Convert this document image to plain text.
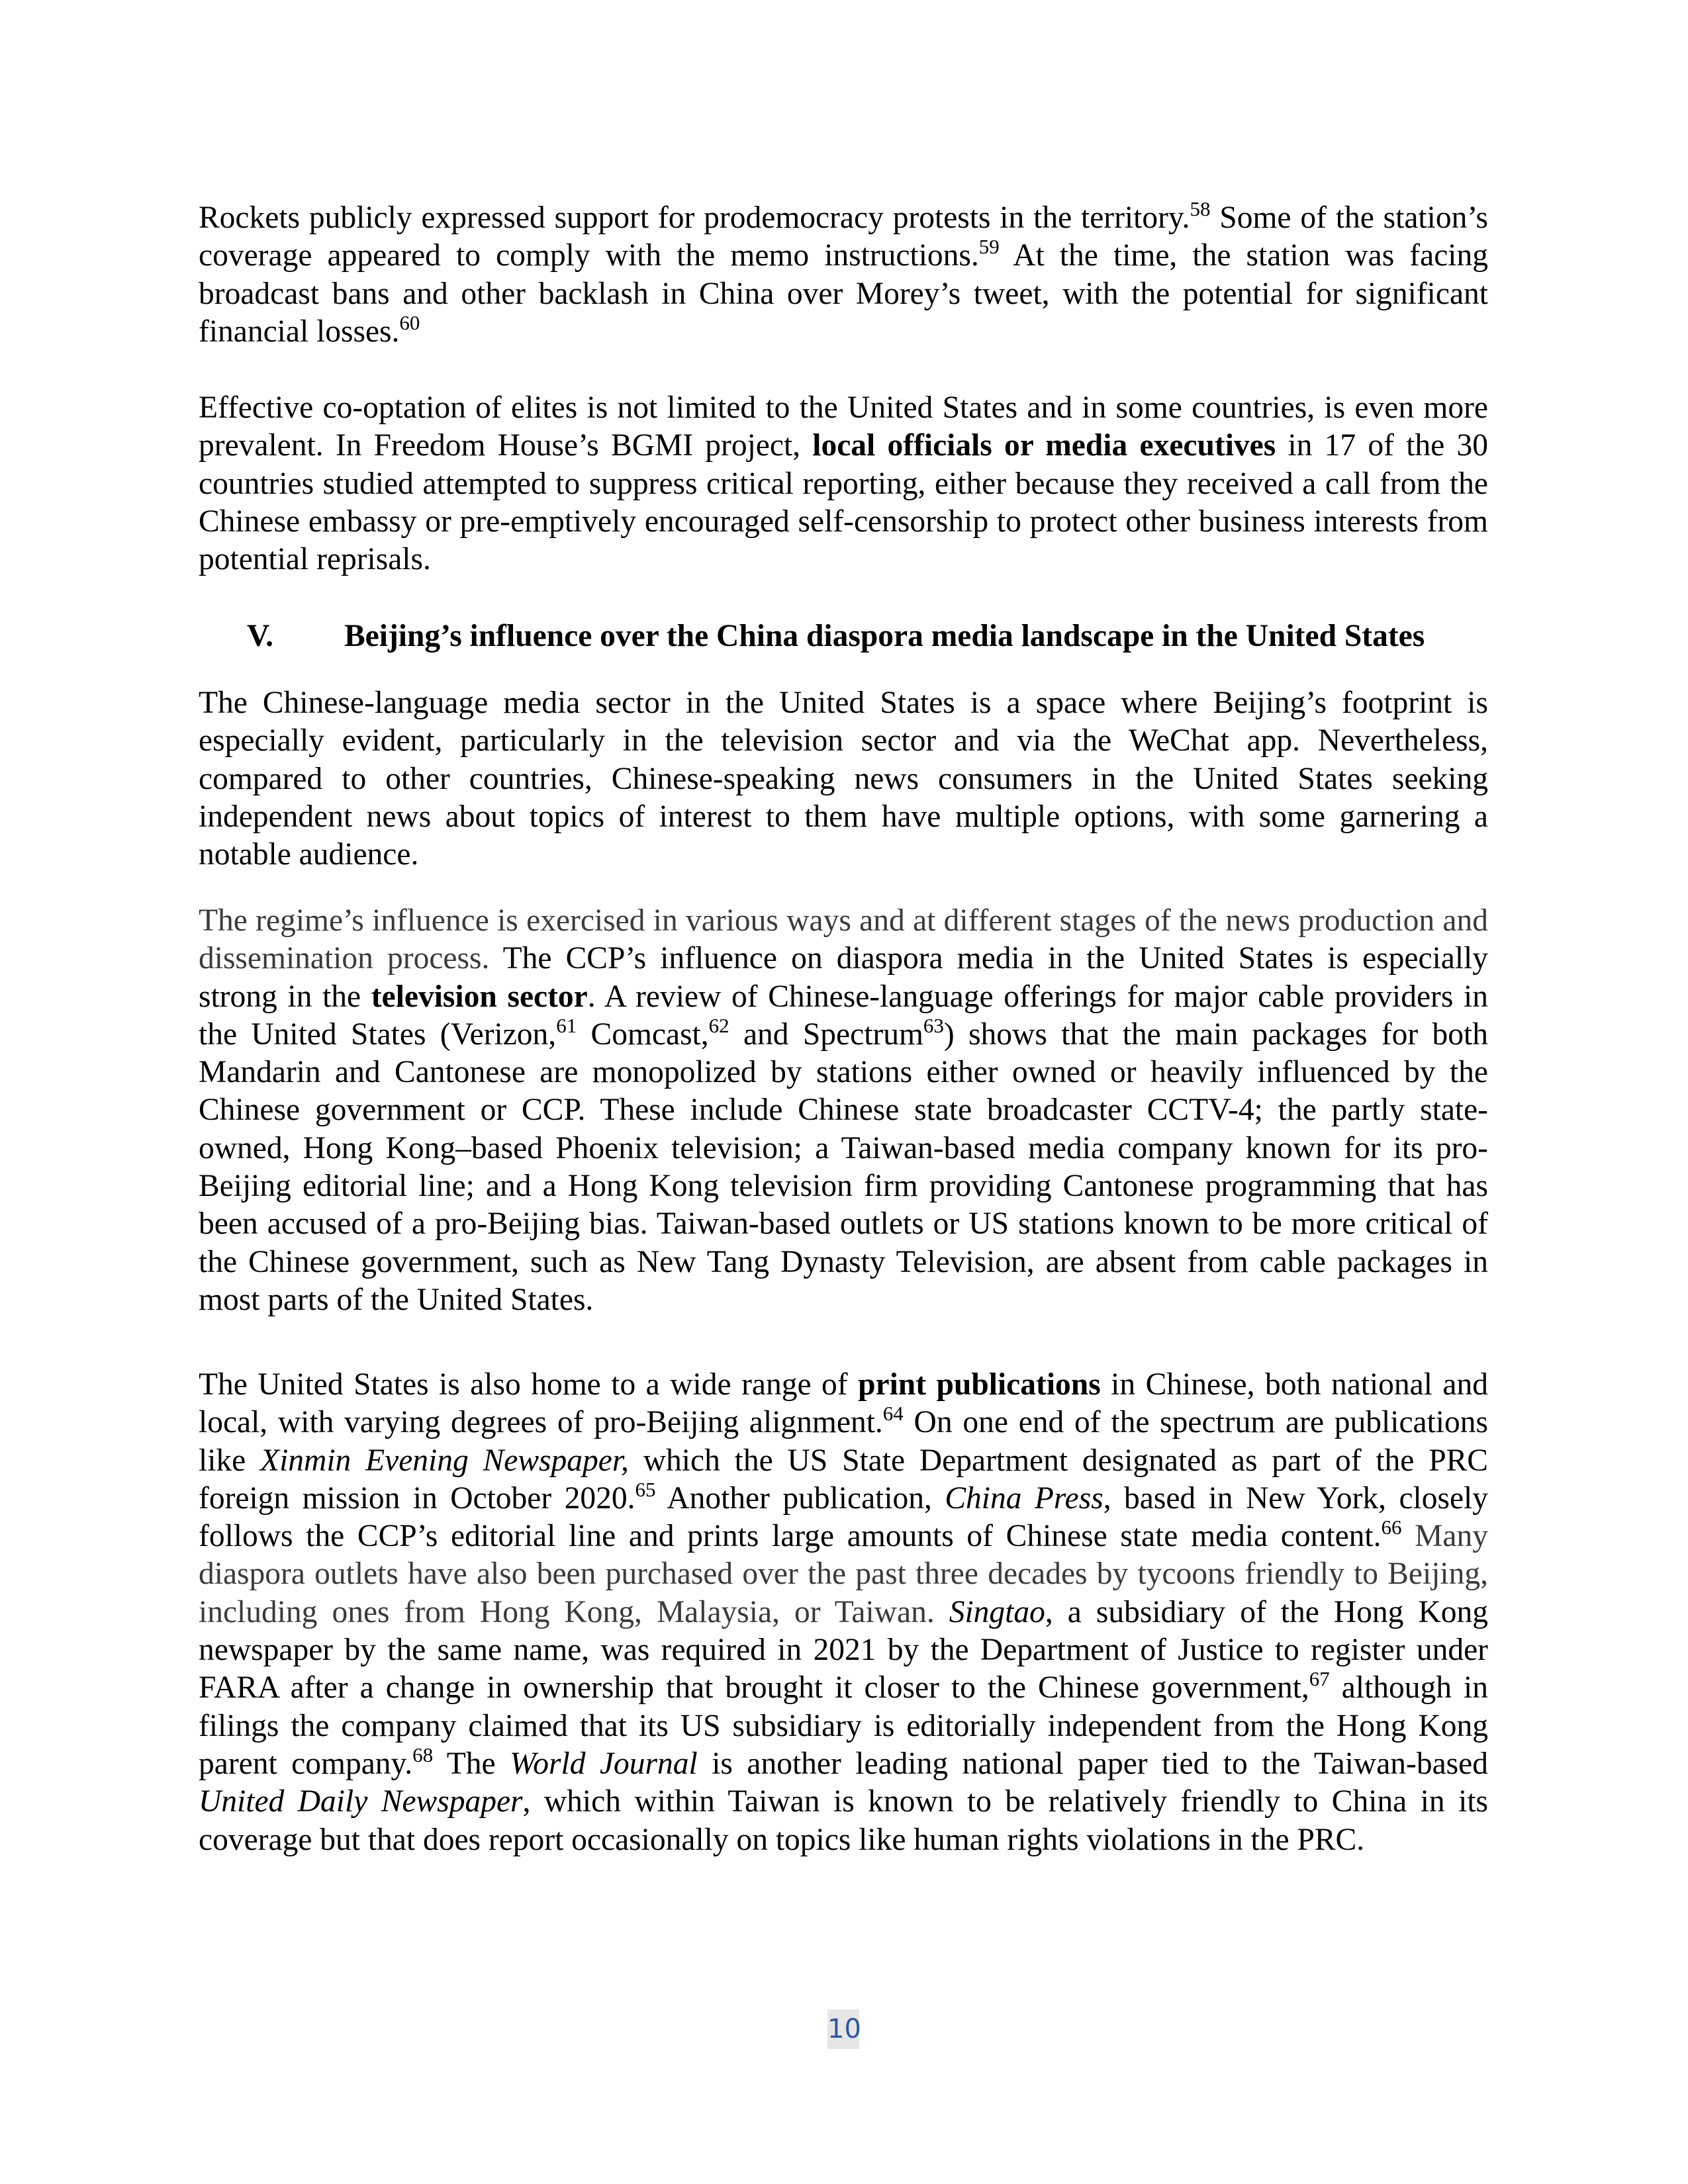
Rockets publicly expressed support for prodemocracy protests in the territory.$^{58}$ Some of the station’s coverage appeared to comply with the memo instructions.$^{59}$ At the time, the station was facing broadcast bans and other backlash in China over Morey’s tweet, with the potential for significant financial losses.$^{60}$

Effective co-optation of elites is not limited to the United States and in some countries, is even more prevalent. In Freedom House’s BGMI project, local officials or media executives in 17 of the 30 countries studied attempted to suppress critical reporting, either because they received a call from the Chinese embassy or pre-emptively encouraged self-censorship to protect other business interests from potential reprisals.

V. Beijing’s influence over the China diaspora media landscape in the United States

The Chinese-language media sector in the United States is a space where Beijing’s footprint is especially evident, particularly in the television sector and via the WeChat app. Nevertheless, compared to other countries, Chinese-speaking news consumers in the United States seeking independent news about topics of interest to them have multiple options, with some garnering a notable audience.

The regime’s influence is exercised in various ways and at different stages of the news production and dissemination process. The CCP’s influence on diaspora media in the United States is especially strong in the television sector. A review of Chinese-language offerings for major cable providers in the United States (Verizon,$^{61}$ Comcast,$^{62}$ and Spectrum$^{63}$) shows that the main packages for both Mandarin and Cantonese are monopolized by stations either owned or heavily influenced by the Chinese government or CCP. These include Chinese state broadcaster CCTV-4; the partly state-owned, Hong Kong–based Phoenix television; a Taiwan-based media company known for its pro-Beijing editorial line; and a Hong Kong television firm providing Cantonese programming that has been accused of a pro-Beijing bias. Taiwan-based outlets or US stations known to be more critical of the Chinese government, such as New Tang Dynasty Television, are absent from cable packages in most parts of the United States.

The United States is also home to a wide range of print publications in Chinese, both national and local, with varying degrees of pro-Beijing alignment.$^{64}$ On one end of the spectrum are publications like Xinmin Evening Newspaper, which the US State Department designated as part of the PRC foreign mission in October 2020.65 Another publication, China Press, based in New York, closely follows the CCP’s editorial line and prints large amounts of Chinese state media content.$^{66}$ Many diaspora outlets have also been purchased over the past three decades by tycoons friendly to Beijing, including ones from Hong Kong, Malaysia, or Taiwan. Singtao, a subsidiary of the Hong Kong newspaper by the same name, was required in 2021 by the Department of Justice to register under FARA after a change in ownership that brought it closer to the Chinese government,$^{67}$ although in filings the company claimed that its US subsidiary is editorially independent from the Hong Kong parent company.$^{68}$ The World Journal is another leading national paper tied to the Taiwan-based United Daily Newspaper, which within Taiwan is known to be relatively friendly to China in its coverage but that does report occasionally on topics like human rights violations in the PRC.

10
